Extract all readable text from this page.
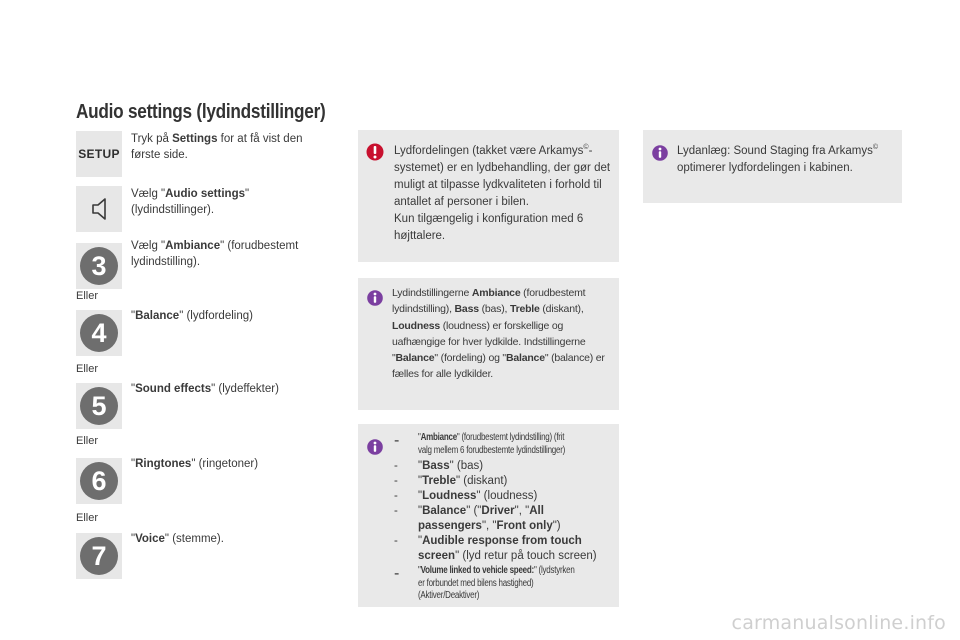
Audio settings (lydindstillinger)
SETUP

Tryk på Settings for at få vist den første side.

Vælg "Audio settings" (lydindstillinger).

3

Vælg "Ambiance" (forudbestemt lydindstilling).

Eller
4

"Balance" (lydfordeling)

Eller
5

"Sound effects" (lydeffekter)

Eller
6

"Ringtones" (ringetoner)

Eller
7

"Voice" (stemme).

Lydfordelingen (takket være Arkamys©- systemet) er en lydbehandling, der gør det muligt at tilpasse lydkvaliteten i forhold til antallet af personer i bilen.
Kun tilgængelig i konfiguration med 6 højttalere.
Lydindstillingerne Ambiance (forudbestemt lydindstilling), Bass (bas), Treble (diskant), Loudness (loudness) er forskellige og uafhængige for hver lydkilde. Indstillingerne "Balance" (fordeling) og "Balance" (balance) er fælles for alle lydkilder.
-	"Ambiance" (forudbestemt lydindstilling) (frit valg mellem 6 forudbestemte lydindstillinger)
-	"Bass" (bas)
-	"Treble" (diskant)
-	"Loudness" (loudness)
-	"Balance" ("Driver", "All passengers", "Front only")
-	"Audible response from touch screen" (lyd retur på touch screen)
-	"Volume linked to vehicle speed:" (lydstyrken er forbundet med bilens hastighed) (Aktiver/Deaktiver)
Lydanlæg: Sound Staging fra Arkamys© optimerer lydfordelingen i kabinen.
carmanualsonline.info
